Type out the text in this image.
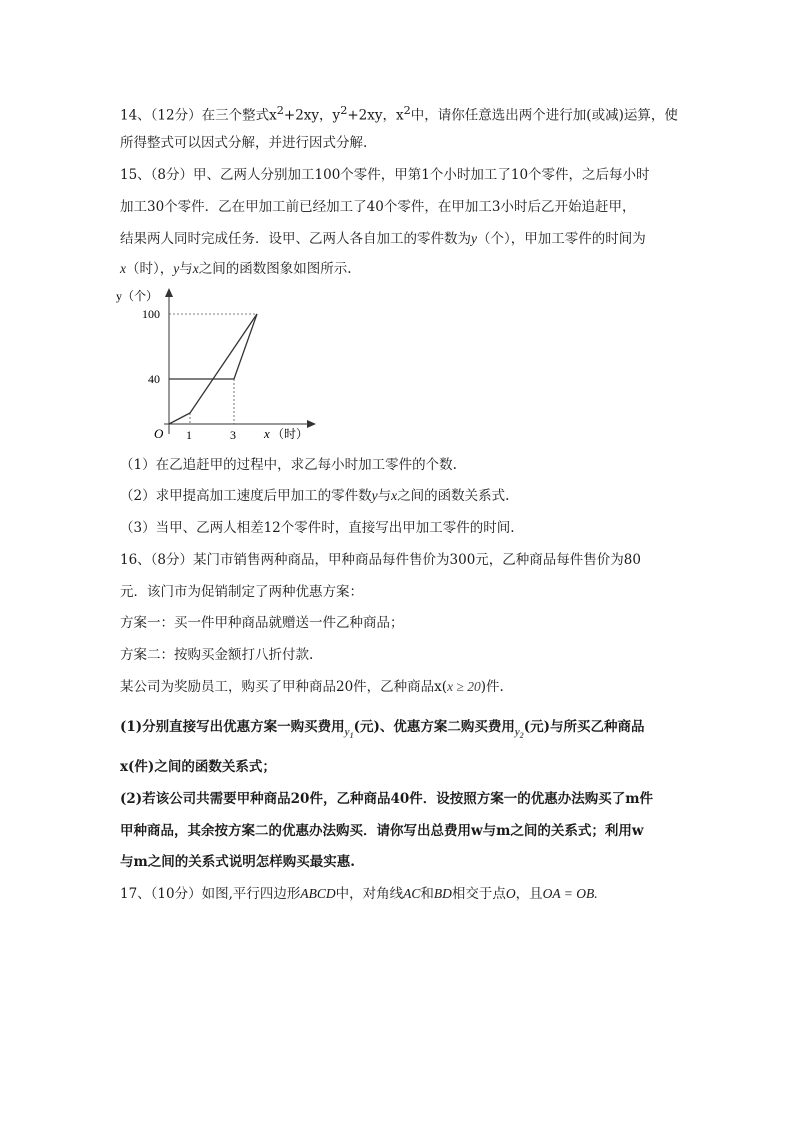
14、（12分）在三个整式$x^2+2xy$，$y^2+2xy$，$x^2$中，请你任意选出两个进行加(或减)运算，使
所得整式可以因式分解，并进行因式分解.
15、（8分）甲、乙两人分别加工100个零件，甲第1个小时加工了10个零件，之后每小时
加工30个零件．乙在甲加工前已经加工了40个零件，在甲加工3小时后乙开始追赶甲，
结果两人同时完成任务．设甲、乙两人各自加工的零件数为y（个），甲加工零件的时间为
x（时），y与x之间的函数图象如图所示.
y（个）
100
40
O 1	3 x （时）
（1）在乙追赶甲的过程中，求乙每小时加工零件的个数.
（2）求甲提高加工速度后甲加工的零件数y与x之间的函数关系式.
（3）当甲、乙两人相差12个零件时，直接写出甲加工零件的时间.
16、（8分）某门市销售两种商品，甲种商品每件售价为300元，乙种商品每件售价为80
元．该门市为促销制定了两种优惠方案：
方案一：买一件甲种商品就赠送一件乙种商品；
方案二：按购买金额打八折付款.
某公司为奖励员工，购买了甲种商品20件，乙种商品x(x ≥ 20)件.
(1)分别直接写出优惠方案一购买费用$_{y1}$(元)、优惠方案二购买费用$_{y2}$(元)与所买乙种商品
x(件)之间的函数关系式；
(2)若该公司共需要甲种商品20件，乙种商品40件．设按照方案一的优惠办法购买了m件
甲种商品，其余按方案二的优惠办法购买．请你写出总费用w与m之间的关系式；利用w
与m之间的关系式说明怎样购买最实惠.
17、（10分）如图,平行四边形ABCD中，对角线AC和BD相交于点O，且OA = OB.
